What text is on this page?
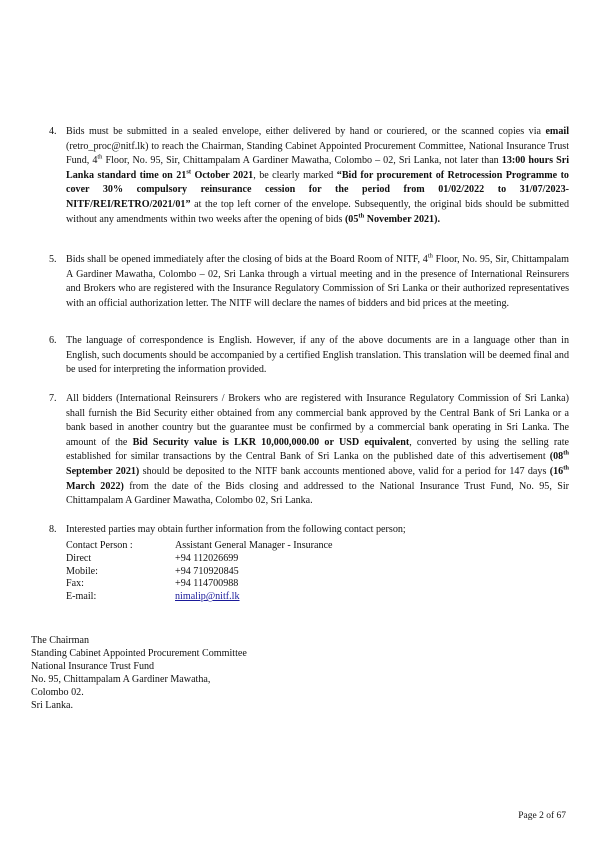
4. Bids must be submitted in a sealed envelope, either delivered by hand or couriered, or the scanned copies via email (retro_proc@nitf.lk) to reach the Chairman, Standing Cabinet Appointed Procurement Committee, National Insurance Trust Fund, 4th Floor, No. 95, Sir, Chittampalam A Gardiner Mawatha, Colombo – 02, Sri Lanka, not later than 13:00 hours Sri Lanka standard time on 21st October 2021, be clearly marked “Bid for procurement of Retrocession Programme to cover 30% compulsory reinsurance cession for the period from 01/02/2022 to 31/07/2023- NITF/REI/RETRO/2021/01” at the top left corner of the envelope. Subsequently, the original bids should be submitted without any amendments within two weeks after the opening of bids (05th November 2021).
5. Bids shall be opened immediately after the closing of bids at the Board Room of NITF, 4th Floor, No. 95, Sir, Chittampalam A Gardiner Mawatha, Colombo – 02, Sri Lanka through a virtual meeting and in the presence of International Reinsurers and Brokers who are registered with the Insurance Regulatory Commission of Sri Lanka or their authorized representatives with an official authorization letter. The NITF will declare the names of bidders and bid prices at the meeting.
6. The language of correspondence is English. However, if any of the above documents are in a language other than in English, such documents should be accompanied by a certified English translation. This translation will be deemed final and be used for interpreting the information provided.
7. All bidders (International Reinsurers / Brokers who are registered with Insurance Regulatory Commission of Sri Lanka) shall furnish the Bid Security either obtained from any commercial bank approved by the Central Bank of Sri Lanka or a bank based in another country but the guarantee must be confirmed by a commercial bank operating in Sri Lanka. The amount of the Bid Security value is LKR 10,000,000.00 or USD equivalent, converted by using the selling rate established for similar transactions by the Central Bank of Sri Lanka on the published date of this advertisement (08th September 2021) should be deposited to the NITF bank accounts mentioned above, valid for a period for 147 days (16th March 2022) from the date of the Bids closing and addressed to the National Insurance Trust Fund, No. 95, Sir Chittampalam A Gardiner Mawatha, Colombo 02, Sri Lanka.
8. Interested parties may obtain further information from the following contact person;
Contact Person :	Assistant General Manager - Insurance
Direct	+94 112026699
Mobile:	+94 710920845
Fax:	+94 114700988
E-mail:	nimalip@nitf.lk
The Chairman
Standing Cabinet Appointed Procurement Committee
National Insurance Trust Fund
No. 95, Chittampalam A Gardiner Mawatha,
Colombo 02.
Sri Lanka.
Page 2 of 67
